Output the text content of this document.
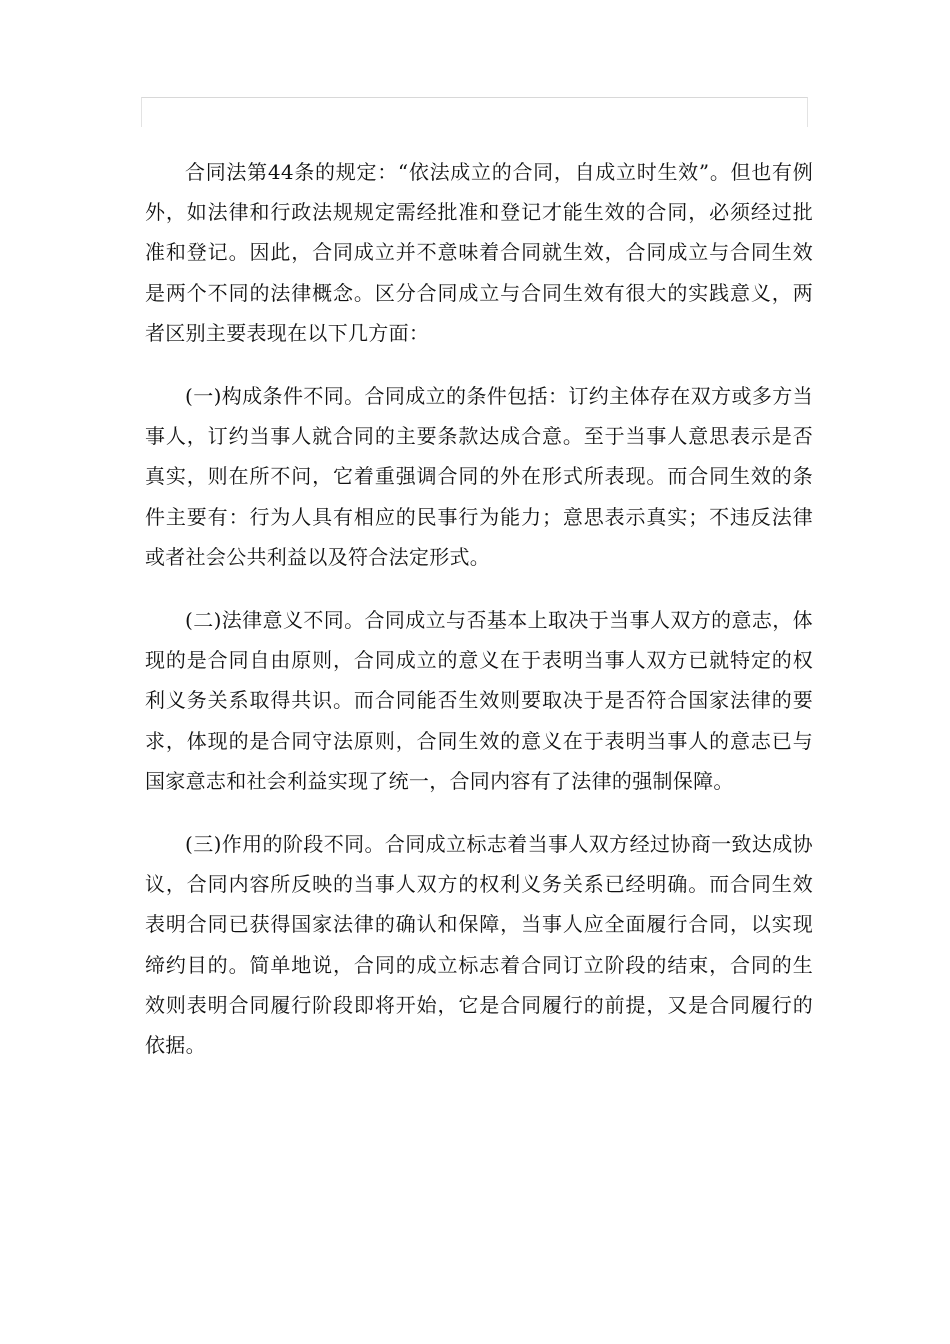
合同法第44条的规定：“依法成立的合同，自成立时生效”。但也有例外，如法律和行政法规规定需经批准和登记才能生效的合同，必须经过批准和登记。因此，合同成立并不意味着合同就生效，合同成立与合同生效是两个不同的法律概念。区分合同成立与合同生效有很大的实践意义，两者区别主要表现在以下几方面：

(一)构成条件不同。合同成立的条件包括：订约主体存在双方或多方当事人，订约当事人就合同的主要条款达成合意。至于当事人意思表示是否真实，则在所不问，它着重强调合同的外在形式所表现。而合同生效的条件主要有：行为人具有相应的民事行为能力；意思表示真实；不违反法律或者社会公共利益以及符合法定形式。

(二)法律意义不同。合同成立与否基本上取决于当事人双方的意志，体现的是合同自由原则，合同成立的意义在于表明当事人双方已就特定的权利义务关系取得共识。而合同能否生效则要取决于是否符合国家法律的要求，体现的是合同守法原则，合同生效的意义在于表明当事人的意志已与国家意志和社会利益实现了统一，合同内容有了法律的强制保障。

(三)作用的阶段不同。合同成立标志着当事人双方经过协商一致达成协议，合同内容所反映的当事人双方的权利义务关系已经明确。而合同生效表明合同已获得国家法律的确认和保障，当事人应全面履行合同，以实现缔约目的。简单地说，合同的成立标志着合同订立阶段的结束，合同的生效则表明合同履行阶段即将开始，它是合同履行的前提，又是合同履行的依据。
